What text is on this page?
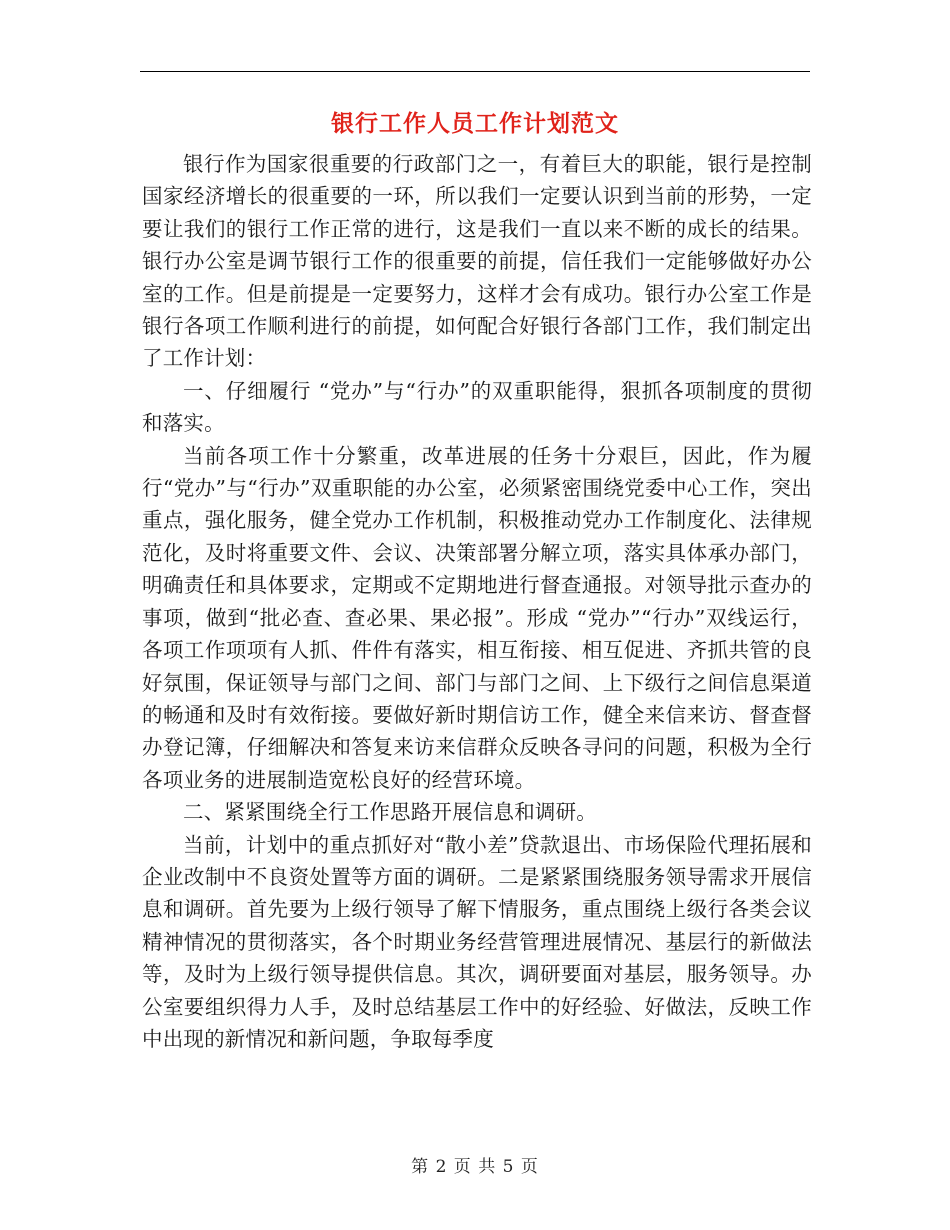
银行工作人员工作计划范文

银行作为国家很重要的行政部门之一，有着巨大的职能，银行是控制国家经济增长的很重要的一环，所以我们一定要认识到当前的形势，一定要让我们的银行工作正常的进行，这是我们一直以来不断的成长的结果。银行办公室是调节银行工作的很重要的前提，信任我们一定能够做好办公室的工作。但是前提是一定要努力，这样才会有成功。银行办公室工作是银行各项工作顺利进行的前提，如何配合好银行各部门工作，我们制定出了工作计划：

一、仔细履行 “党办”与“行办”的双重职能得，狠抓各项制度的贯彻和落实。

当前各项工作十分繁重，改革进展的任务十分艰巨，因此，作为履行“党办”与“行办”双重职能的办公室，必须紧密围绕党委中心工作，突出重点，强化服务，健全党办工作机制，积极推动党办工作制度化、法律规范化，及时将重要文件、会议、决策部署分解立项，落实具体承办部门，明确责任和具体要求，定期或不定期地进行督查通报。对领导批示查办的事项，做到“批必查、查必果、果必报”。形成 “党办”“行办”双线运行，各项工作项项有人抓、件件有落实，相互衔接、相互促进、齐抓共管的良好氛围，保证领导与部门之间、部门与部门之间、上下级行之间信息渠道的畅通和及时有效衔接。要做好新时期信访工作，健全来信来访、督查督办登记簿，仔细解决和答复来访来信群众反映各寻问的问题，积极为全行各项业务的进展制造宽松良好的经营环境。

二、紧紧围绕全行工作思路开展信息和调研。

当前，计划中的重点抓好对“散小差”贷款退出、市场保险代理拓展和企业改制中不良资处置等方面的调研。二是紧紧围绕服务领导需求开展信息和调研。首先要为上级行领导了解下情服务，重点围绕上级行各类会议精神情况的贯彻落实，各个时期业务经营管理进展情况、基层行的新做法等，及时为上级行领导提供信息。其次，调研要面对基层，服务领导。办公室要组织得力人手，及时总结基层工作中的好经验、好做法，反映工作中出现的新情况和新问题，争取每季度

第 2 页 共 5 页
